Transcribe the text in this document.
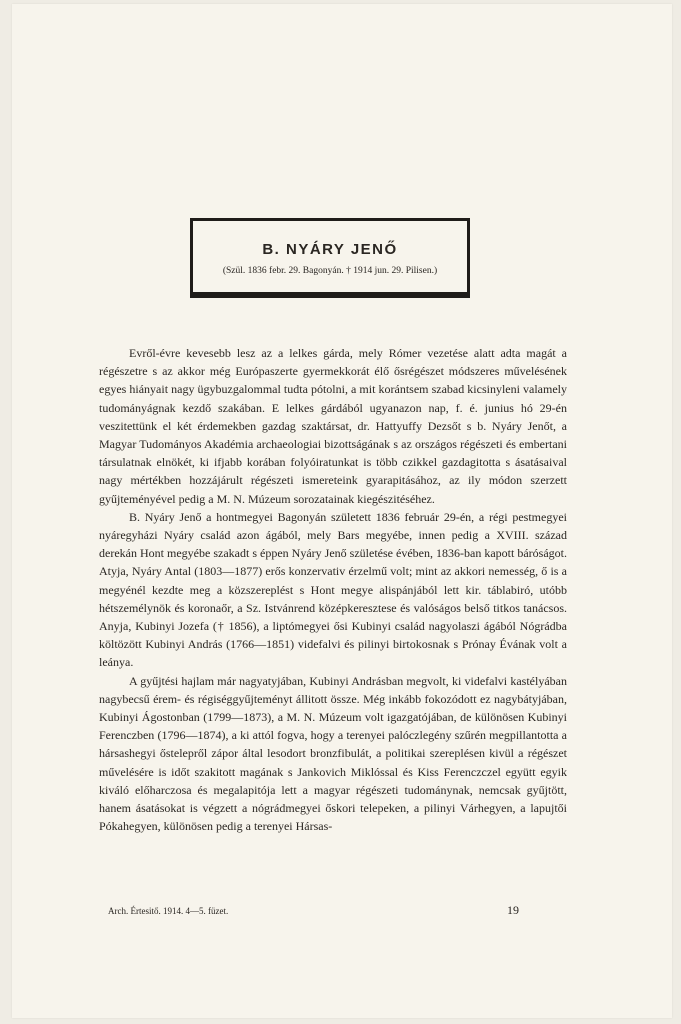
B. NYÁRY JENŐ
(Szül. 1836 febr. 29. Bagonyán. † 1914 jun. 29. Pilisen.)

Evről-évre kevesebb lesz az a lelkes gárda, mely Rómer vezetése alatt adta magát a régészetre s az akkor még Európaszerte gyermekkorát élő ősrégészet módszeres művelésének egyes hiányait nagy ügybuzgalommal tudta pótolni, a mit korántsem szabad kicsinyleni valamely tudományágnak kezdő szakában. E lelkes gárdából ugyanazon nap, f. é. junius hó 29-én veszitettünk el két érdemekben gazdag szaktársat, dr. Hattyuffy Dezsőt s b. Nyáry Jenőt, a Magyar Tudományos Akadémia archaeologiai bizottságának s az országos régészeti és embertani társulatnak elnökét, ki ifjabb korában folyóiratunkat is több czikkel gazdagitotta s ásatásaival nagy mértékben hozzájárult régészeti ismereteink gyarapitásához, az ily módon szerzett gyűjteményével pedig a M. N. Múzeum sorozatainak kiegészitéséhez.

B. Nyáry Jenő a hontmegyei Bagonyán született 1836 február 29-én, a régi pestmegyei nyáregyházi Nyáry család azon ágából, mely Bars megyébe, innen pedig a XVIII. század derekán Hont megyébe szakadt s éppen Nyáry Jenő születése évében, 1836-ban kapott báróságot. Atyja, Nyáry Antal (1803—1877) erős konzervativ érzelmű volt; mint az akkori nemesség, ő is a megyénél kezdte meg a közszereplést s Hont megye alispánjából lett kir. táblabiró, utóbb hétszemélynök és koronaőr, a Sz. Istvánrend középkeresztese és valóságos belső titkos tanácsos. Anyja, Kubinyi Jozefa († 1856), a liptómegyei ősi Kubinyi család nagyolaszi ágából Nógrádba költözött Kubinyi András (1766—1851) videfalvi és pilinyi birtokosnak s Prónay Évának volt a leánya.

A gyűjtési hajlam már nagyatyjában, Kubinyi Andrásban megvolt, ki videfalvi kastélyában nagybecsű érem- és régiséggyűjteményt állitott össze. Még inkább fokozódott ez nagybátyjában, Kubinyi Ágostonban (1799—1873), a M. N. Múzeum volt igazgatójában, de különösen Kubinyi Ferenczben (1796—1874), a ki attól fogva, hogy a terenyei palóczlegény szűrén megpillantotta a hársashegyi őstelepről zápor által lesodort bronzfibulát, a politikai szereplésen kivül a régészet művelésére is időt szakitott magának s Jankovich Miklóssal és Kiss Ferenczczel együtt egyik kiváló előharczosa és megalapitója lett a magyar régészeti tudománynak, nemcsak gyűjtött, hanem ásatásokat is végzett a nógrádmegyei őskori telepeken, a pilinyi Várhegyen, a lapujtői Pókahegyen, különösen pedig a terenyei Hársas-

Arch. Értesitő. 1914. 4—5. füzet.	19
